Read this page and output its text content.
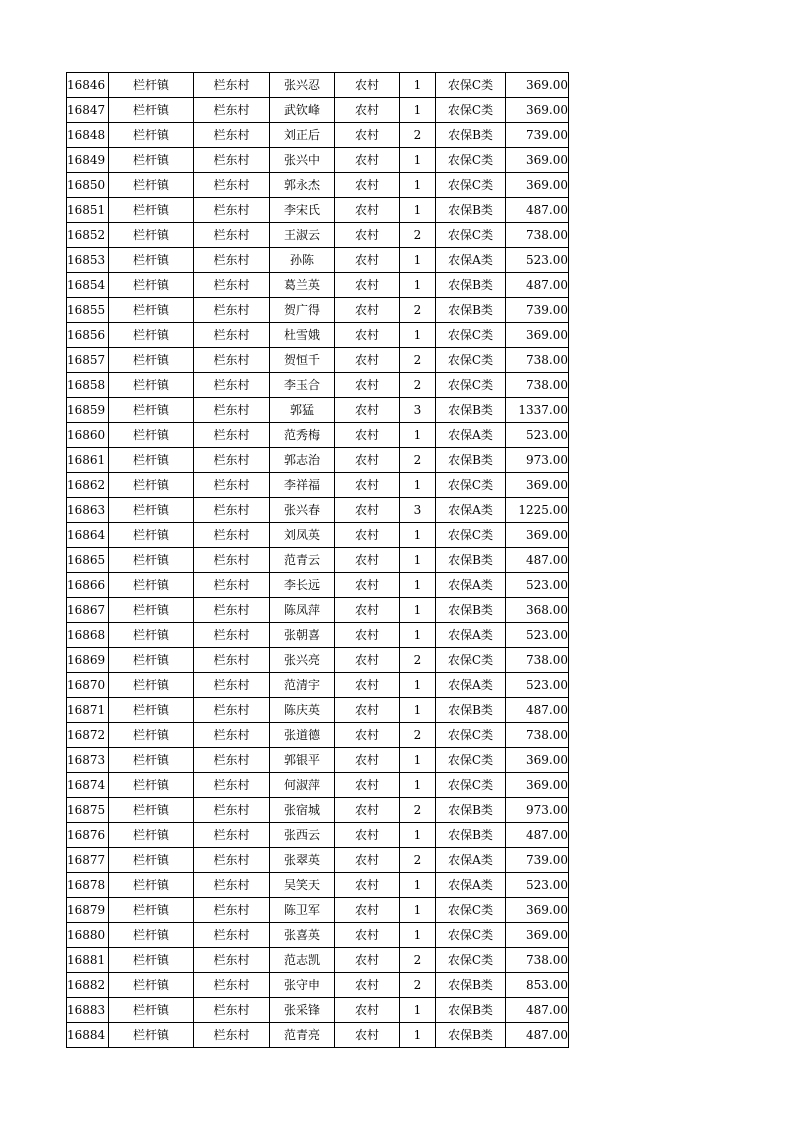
16846	栏杆镇	栏东村	张兴忍	农村	1	农保C类	369.00
16847	栏杆镇	栏东村	武钦峰	农村	1	农保C类	369.00
16848	栏杆镇	栏东村	刘正后	农村	2	农保B类	739.00
16849	栏杆镇	栏东村	张兴中	农村	1	农保C类	369.00
16850	栏杆镇	栏东村	郭永杰	农村	1	农保C类	369.00
16851	栏杆镇	栏东村	李宋氏	农村	1	农保B类	487.00
16852	栏杆镇	栏东村	王淑云	农村	2	农保C类	738.00
16853	栏杆镇	栏东村	孙陈	农村	1	农保A类	523.00
16854	栏杆镇	栏东村	葛兰英	农村	1	农保B类	487.00
16855	栏杆镇	栏东村	贺广得	农村	2	农保B类	739.00
16856	栏杆镇	栏东村	杜雪娥	农村	1	农保C类	369.00
16857	栏杆镇	栏东村	贺恒千	农村	2	农保C类	738.00
16858	栏杆镇	栏东村	李玉合	农村	2	农保C类	738.00
16859	栏杆镇	栏东村	郭猛	农村	3	农保B类	1337.00
16860	栏杆镇	栏东村	范秀梅	农村	1	农保A类	523.00
16861	栏杆镇	栏东村	郭志治	农村	2	农保B类	973.00
16862	栏杆镇	栏东村	李祥福	农村	1	农保C类	369.00
16863	栏杆镇	栏东村	张兴春	农村	3	农保A类	1225.00
16864	栏杆镇	栏东村	刘凤英	农村	1	农保C类	369.00
16865	栏杆镇	栏东村	范青云	农村	1	农保B类	487.00
16866	栏杆镇	栏东村	李长远	农村	1	农保A类	523.00
16867	栏杆镇	栏东村	陈凤萍	农村	1	农保B类	368.00
16868	栏杆镇	栏东村	张朝喜	农村	1	农保A类	523.00
16869	栏杆镇	栏东村	张兴亮	农村	2	农保C类	738.00
16870	栏杆镇	栏东村	范清宇	农村	1	农保A类	523.00
16871	栏杆镇	栏东村	陈庆英	农村	1	农保B类	487.00
16872	栏杆镇	栏东村	张道德	农村	2	农保C类	738.00
16873	栏杆镇	栏东村	郭银平	农村	1	农保C类	369.00
16874	栏杆镇	栏东村	何淑萍	农村	1	农保C类	369.00
16875	栏杆镇	栏东村	张宿城	农村	2	农保B类	973.00
16876	栏杆镇	栏东村	张西云	农村	1	农保B类	487.00
16877	栏杆镇	栏东村	张翠英	农村	2	农保A类	739.00
16878	栏杆镇	栏东村	吴笑天	农村	1	农保A类	523.00
16879	栏杆镇	栏东村	陈卫军	农村	1	农保C类	369.00
16880	栏杆镇	栏东村	张喜英	农村	1	农保C类	369.00
16881	栏杆镇	栏东村	范志凯	农村	2	农保C类	738.00
16882	栏杆镇	栏东村	张守申	农村	2	农保B类	853.00
16883	栏杆镇	栏东村	张采锋	农村	1	农保B类	487.00
16884	栏杆镇	栏东村	范青亮	农村	1	农保B类	487.00
